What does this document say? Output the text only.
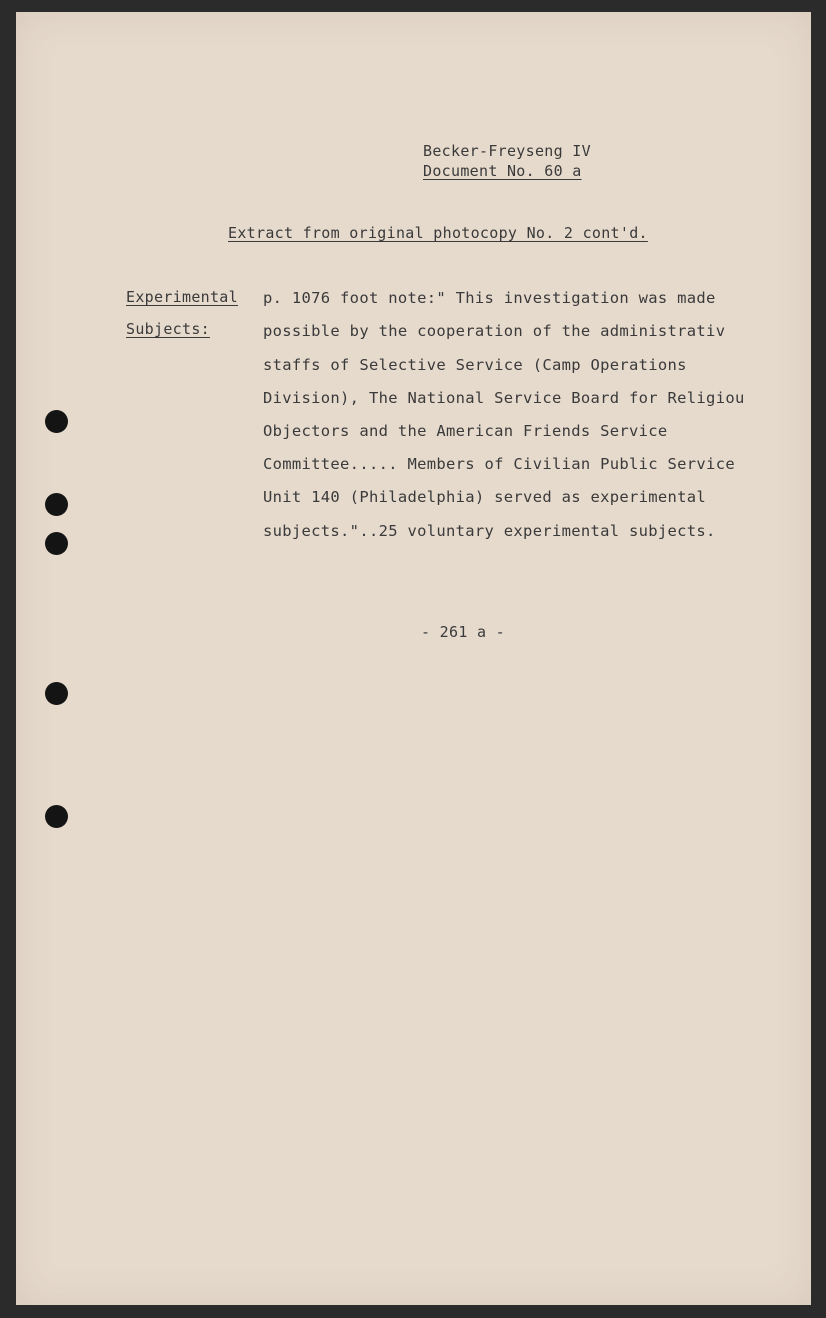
Becker-Freyseng IV
Document No. 60 a
Extract from original photocopy No. 2 cont'd.
Experimental
Subjects:
p. 1076 foot note:" This investigation was made
possible by the cooperation of the administrativ
staffs of Selective Service (Camp Operations
Division), The National Service Board for Religiou
Objectors and the American Friends Service
Committee..... Members of Civilian Public Service
Unit 140 (Philadelphia) served as experimental
subjects."..25 voluntary experimental subjects.
- 261 a -
